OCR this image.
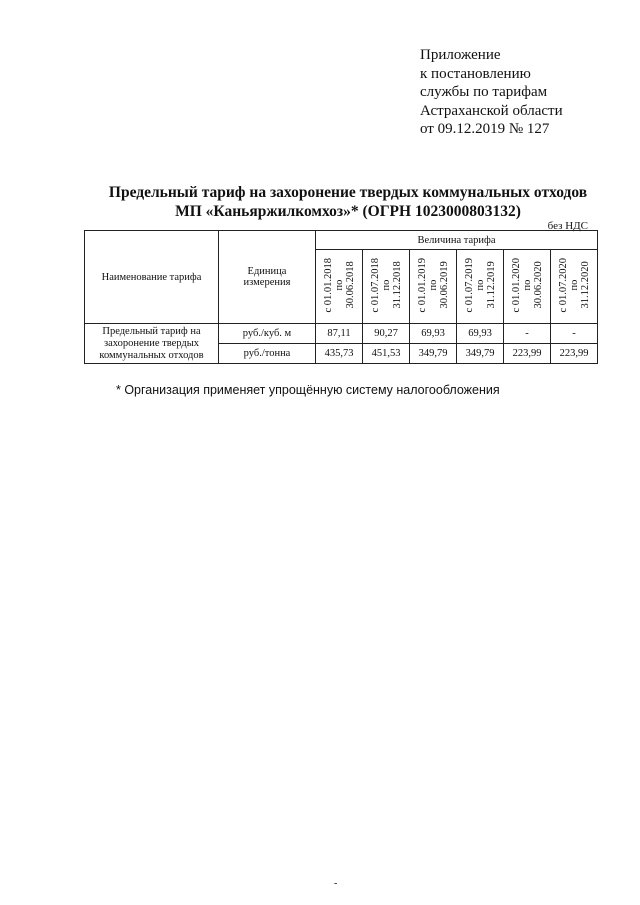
Приложение
к постановлению
службы по тарифам
Астраханской области
от 09.12.2019 № 127
Предельный тариф на захоронение твердых коммунальных отходов
МП «Каньяржилкомхоз»* (ОГРН 1023000803132)
без НДС
Наименование тарифа	Единица
измерения	Величина тарифа					

		с 01.01.2018 по 30.06.2018	с 01.07.2018 по 31.12.2018	с 01.01.2019 по 30.06.2019	с 01.07.2019 по 31.12.2019	с 01.01.2020 по 30.06.2020	с 01.07.2020 по 31.12.2020

Предельный тариф на
захоронение твердых
коммунальных отходов	руб./куб. м	87,11	90,27	69,93	69,93	-	-
	руб./тонна	435,73	451,53	349,79	349,79	223,99	223,99
* Организация применяет упрощённую систему налогообложения
-
